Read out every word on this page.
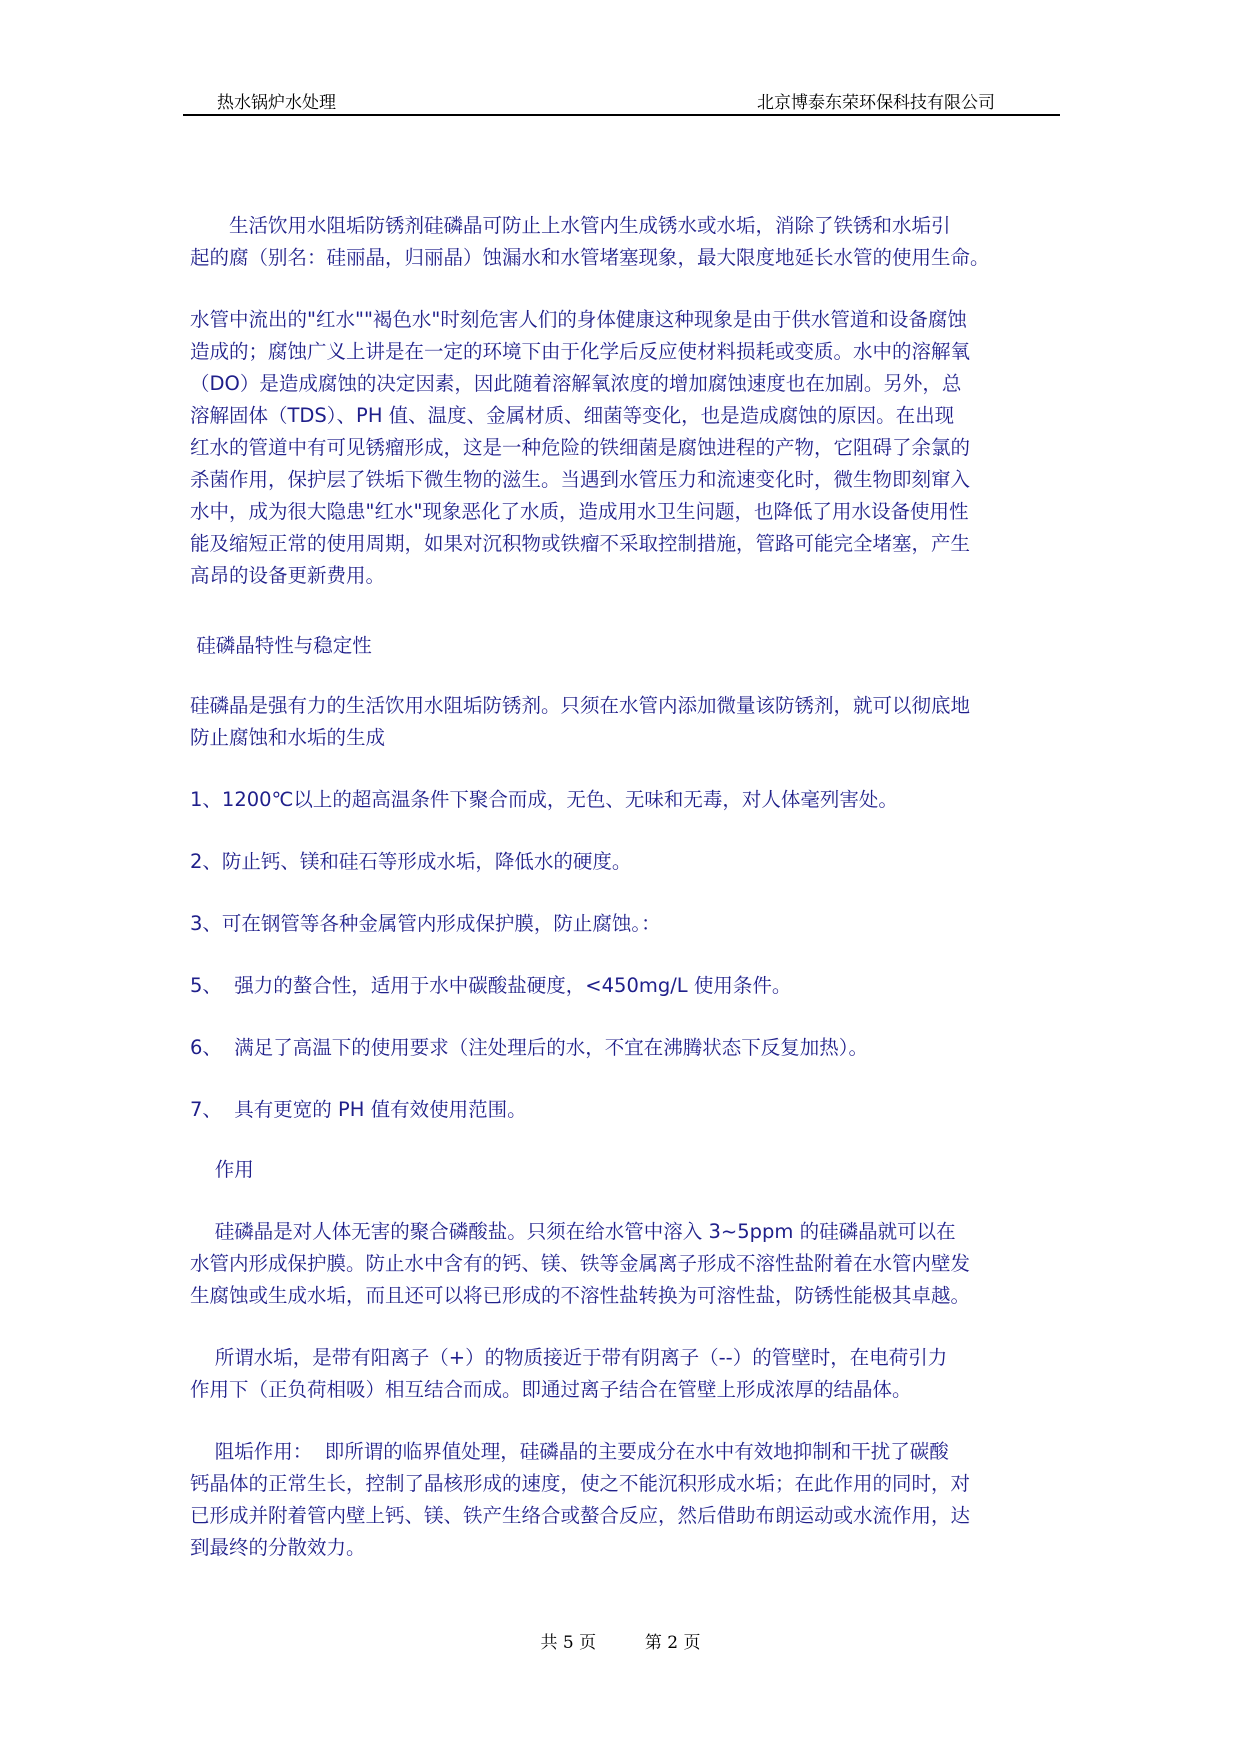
热水锅炉水处理	北京博泰东荣环保科技有限公司
　　生活饮用水阻垢防锈剂硅磷晶可防止上水管内生成锈水或水垢，消除了铁锈和水垢引
起的腐（别名：硅丽晶，归丽晶）蚀漏水和水管堵塞现象，最大限度地延长水管的使用生命。
水管中流出的"红水""褐色水"时刻危害人们的身体健康这种现象是由于供水管道和设备腐蚀
造成的；腐蚀广义上讲是在一定的环境下由于化学后反应使材料损耗或变质。水中的溶解氧
（DO）是造成腐蚀的决定因素，因此随着溶解氧浓度的增加腐蚀速度也在加剧。另外，总
溶解固体（TDS）、PH 值、温度、金属材质、细菌等变化，也是造成腐蚀的原因。在出现
红水的管道中有可见锈瘤形成，这是一种危险的铁细菌是腐蚀进程的产物，它阻碍了余氯的
杀菌作用，保护层了铁垢下微生物的滋生。当遇到水管压力和流速变化时，微生物即刻窜入
水中，成为很大隐患"红水"现象恶化了水质，造成用水卫生问题，也降低了用水设备使用性
能及缩短正常的使用周期，如果对沉积物或铁瘤不采取控制措施，管路可能完全堵塞，产生
高昂的设备更新费用。
硅磷晶特性与稳定性
硅磷晶是强有力的生活饮用水阻垢防锈剂。只须在水管内添加微量该防锈剂，就可以彻底地
防止腐蚀和水垢的生成
1、1200℃以上的超高温条件下聚合而成，无色、无味和无毒，对人体毫列害处。
2、防止钙、镁和硅石等形成水垢，降低水的硬度。
3、可在钢管等各种金属管内形成保护膜，防止腐蚀。：
5、  强力的螯合性，适用于水中碳酸盐硬度，<450mg/L 使用条件。
6、  满足了高温下的使用要求（注处理后的水，不宜在沸腾状态下反复加热）。
7、  具有更宽的 PH 值有效使用范围。
作用
硅磷晶是对人体无害的聚合磷酸盐。只须在给水管中溶入 3~5ppm 的硅磷晶就可以在
水管内形成保护膜。防止水中含有的钙、镁、铁等金属离子形成不溶性盐附着在水管内壁发
生腐蚀或生成水垢，而且还可以将已形成的不溶性盐转换为可溶性盐，防锈性能极其卓越。
所谓水垢，是带有阳离子（+）的物质接近于带有阴离子（--）的管壁时，在电荷引力
作用下（正负荷相吸）相互结合而成。即通过离子结合在管壁上形成浓厚的结晶体。
阻垢作用：  即所谓的临界值处理，硅磷晶的主要成分在水中有效地抑制和干扰了碳酸
钙晶体的正常生长，控制了晶核形成的速度，使之不能沉积形成水垢；在此作用的同时，对
已形成并附着管内壁上钙、镁、铁产生络合或螯合反应，然后借助布朗运动或水流作用，达
到最终的分散效力。
共 5 页	第 2 页
